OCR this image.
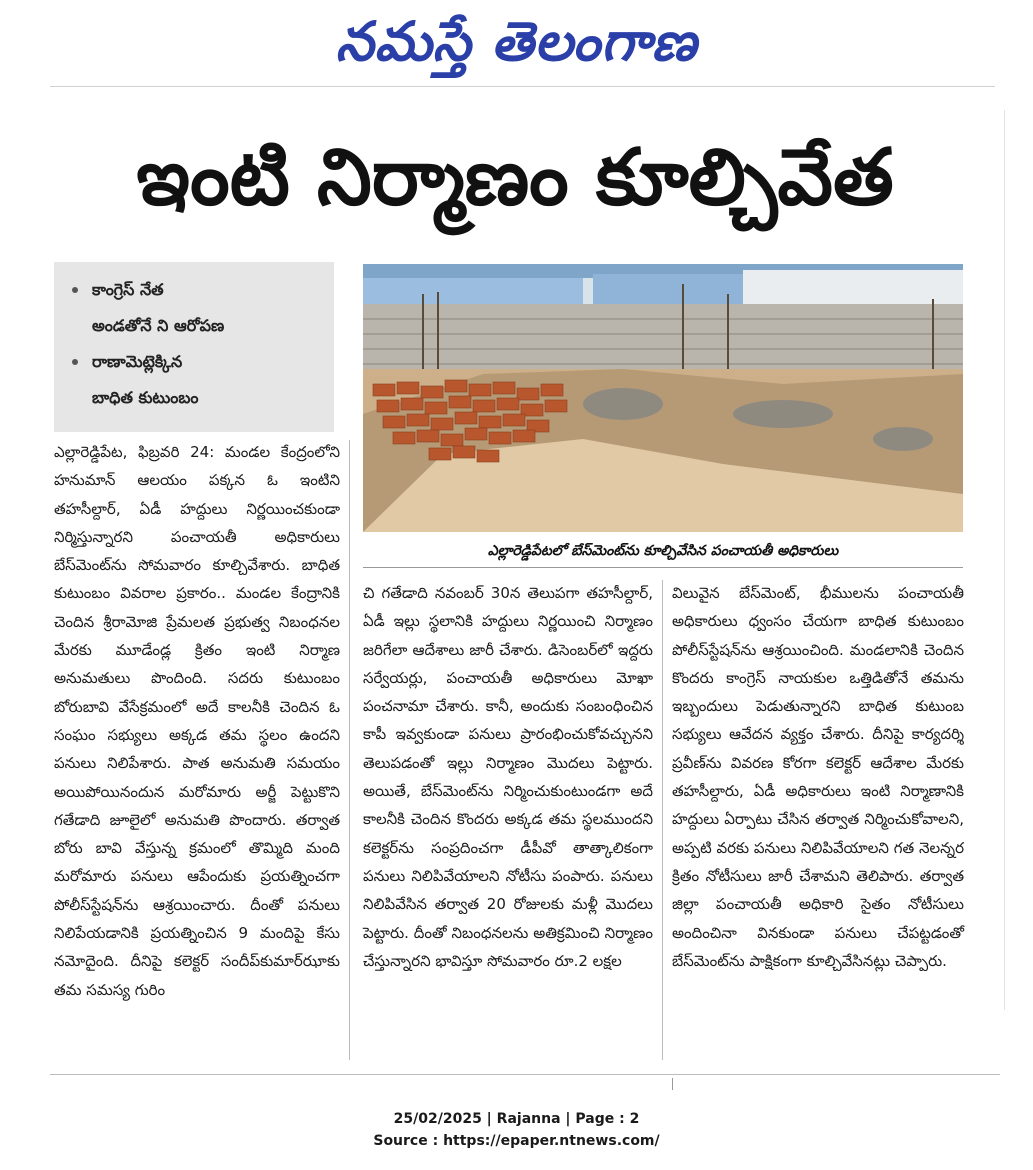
నమస్తే తెలంగాణ
ఇంటి నిర్మాణం కూల్చివేత
కాంగ్రెస్ నేత
అండతోనే ని ఆరోపణ
రాణామెట్లెక్కిన
బాధిత కుటుంబం
ఎల్లారెడ్డిపేటలో బేస్‌మెంట్‌ను కూల్చివేసిన పంచాయతీ అధికారులు

ఎల్లారెడ్డిపేట, ఫిబ్రవరి 24: మండల కేంద్రంలోని హనుమాన్ ఆలయం పక్కన ఓ ఇంటిని తహసీల్దార్, ఏడీ హద్దులు నిర్ణయించకుండా నిర్మిస్తున్నారని పంచాయతీ అధికారులు బేస్‌మెంట్‌ను సోమవారం కూల్చివేశారు. బాధిత కుటుంబం వివరాల ప్రకారం.. మండల కేంద్రానికి చెందిన శ్రీరామోజి ప్రేమలత ప్రభుత్వ నిబంధనల మేరకు మూడేండ్ల క్రితం ఇంటి నిర్మాణ అనుమతులు పొందింది. సదరు కుటుంబం బోరుబావి వేసేక్రమంలో అదే కాలనీకి చెందిన ఓ సంఘం సభ్యులు అక్కడ తమ స్థలం ఉందని పనులు నిలిపేశారు. పాత అనుమతి సమయం అయిపోయినందున మరోమారు అర్జీ పెట్టుకొని గతేడాది జూలైలో అనుమతి పొందారు. తర్వాత బోరు బావి వేస్తున్న క్రమంలో తొమ్మిది మంది మరోమారు పనులు ఆపేందుకు ప్రయత్నించగా పోలీస్‌స్టేషన్‌ను ఆశ్రయించారు. దీంతో పనులు నిలిపేయడానికి ప్రయత్నించిన 9 మందిపై కేసు నమోదైంది. దీనిపై కలెక్టర్ సందీప్‌కుమార్‌ఝాకు తమ సమస్య గురిం

చి గతేడాది నవంబర్ 30న తెలుపగా తహసీల్దార్, ఏడీ ఇల్లు స్థలానికి హద్దులు నిర్ణయించి నిర్మాణం జరిగేలా ఆదేశాలు జారీ చేశారు. డిసెంబర్‌లో ఇద్దరు సర్వేయర్లు, పంచాయతీ అధికారులు మోఖా పంచనామా చేశారు. కానీ, అందుకు సంబంధించిన కాపీ ఇవ్వకుండా పనులు ప్రారంభించుకోవచ్చునని తెలుపడంతో ఇల్లు నిర్మాణం మొదలు పెట్టారు. అయితే, బేస్‌మెంట్‌ను నిర్మించుకుంటుండగా అదే కాలనీకి చెందిన కొందరు అక్కడ తమ స్థలముందని కలెక్టర్‌ను సంప్రదించగా డీపీవో తాత్కాలికంగా పనులు నిలిపివేయాలని నోటీసు పంపారు. పనులు నిలిపివేసిన తర్వాత 20 రోజులకు మళ్లీ మొదలు పెట్టారు. దీంతో నిబంధనలను అతిక్రమించి నిర్మాణం చేస్తున్నారని భావిస్తూ సోమవారం రూ.2 లక్షల

విలువైన బేస్‌మెంట్, భీములను పంచాయతీ అధికారులు ధ్వంసం చేయగా బాధిత కుటుంబం పోలీస్‌స్టేషన్‌ను ఆశ్రయించింది. మండలానికి చెందిన కొందరు కాంగ్రెస్ నాయకుల ఒత్తిడితోనే తమను ఇబ్బందులు పెడుతున్నారని బాధిత కుటుంబ సభ్యులు ఆవేదన వ్యక్తం చేశారు. దీనిపై కార్యదర్శి ప్రవీణ్‌ను వివరణ కోరగా కలెక్టర్ ఆదేశాల మేరకు తహసీల్దారు, ఏడీ అధికారులు ఇంటి నిర్మాణానికి హద్దులు ఏర్పాటు చేసిన తర్వాత నిర్మించుకోవాలని, అప్పటి వరకు పనులు నిలిపివేయాలని గత నెలన్నర క్రితం నోటీసులు జారీ చేశామని తెలిపారు. తర్వాత జిల్లా పంచాయతీ అధికారి సైతం నోటీసులు అందించినా వినకుండా పనులు చేపట్టడంతో బేస్‌మెంట్‌ను పాక్షికంగా కూల్చివేసినట్లు చెప్పారు.

25/02/2025 | Rajanna | Page : 2
Source : https://epaper.ntnews.com/
